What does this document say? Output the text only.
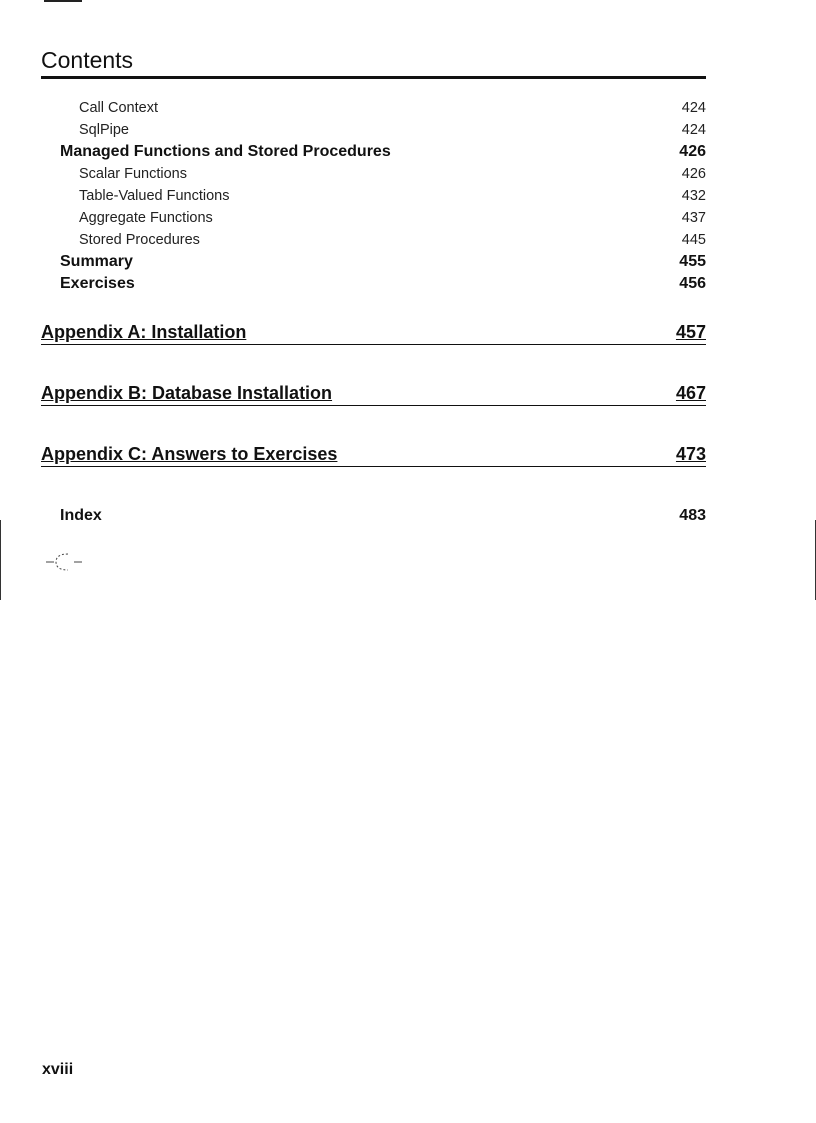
Contents
Call Context	424
SqlPipe	424
Managed Functions and Stored Procedures	426
Scalar Functions	426
Table-Valued Functions	432
Aggregate Functions	437
Stored Procedures	445
Summary	455
Exercises	456
Appendix A: Installation	457
Appendix B: Database Installation	467
Appendix C: Answers to Exercises	473
Index	483
xviii
